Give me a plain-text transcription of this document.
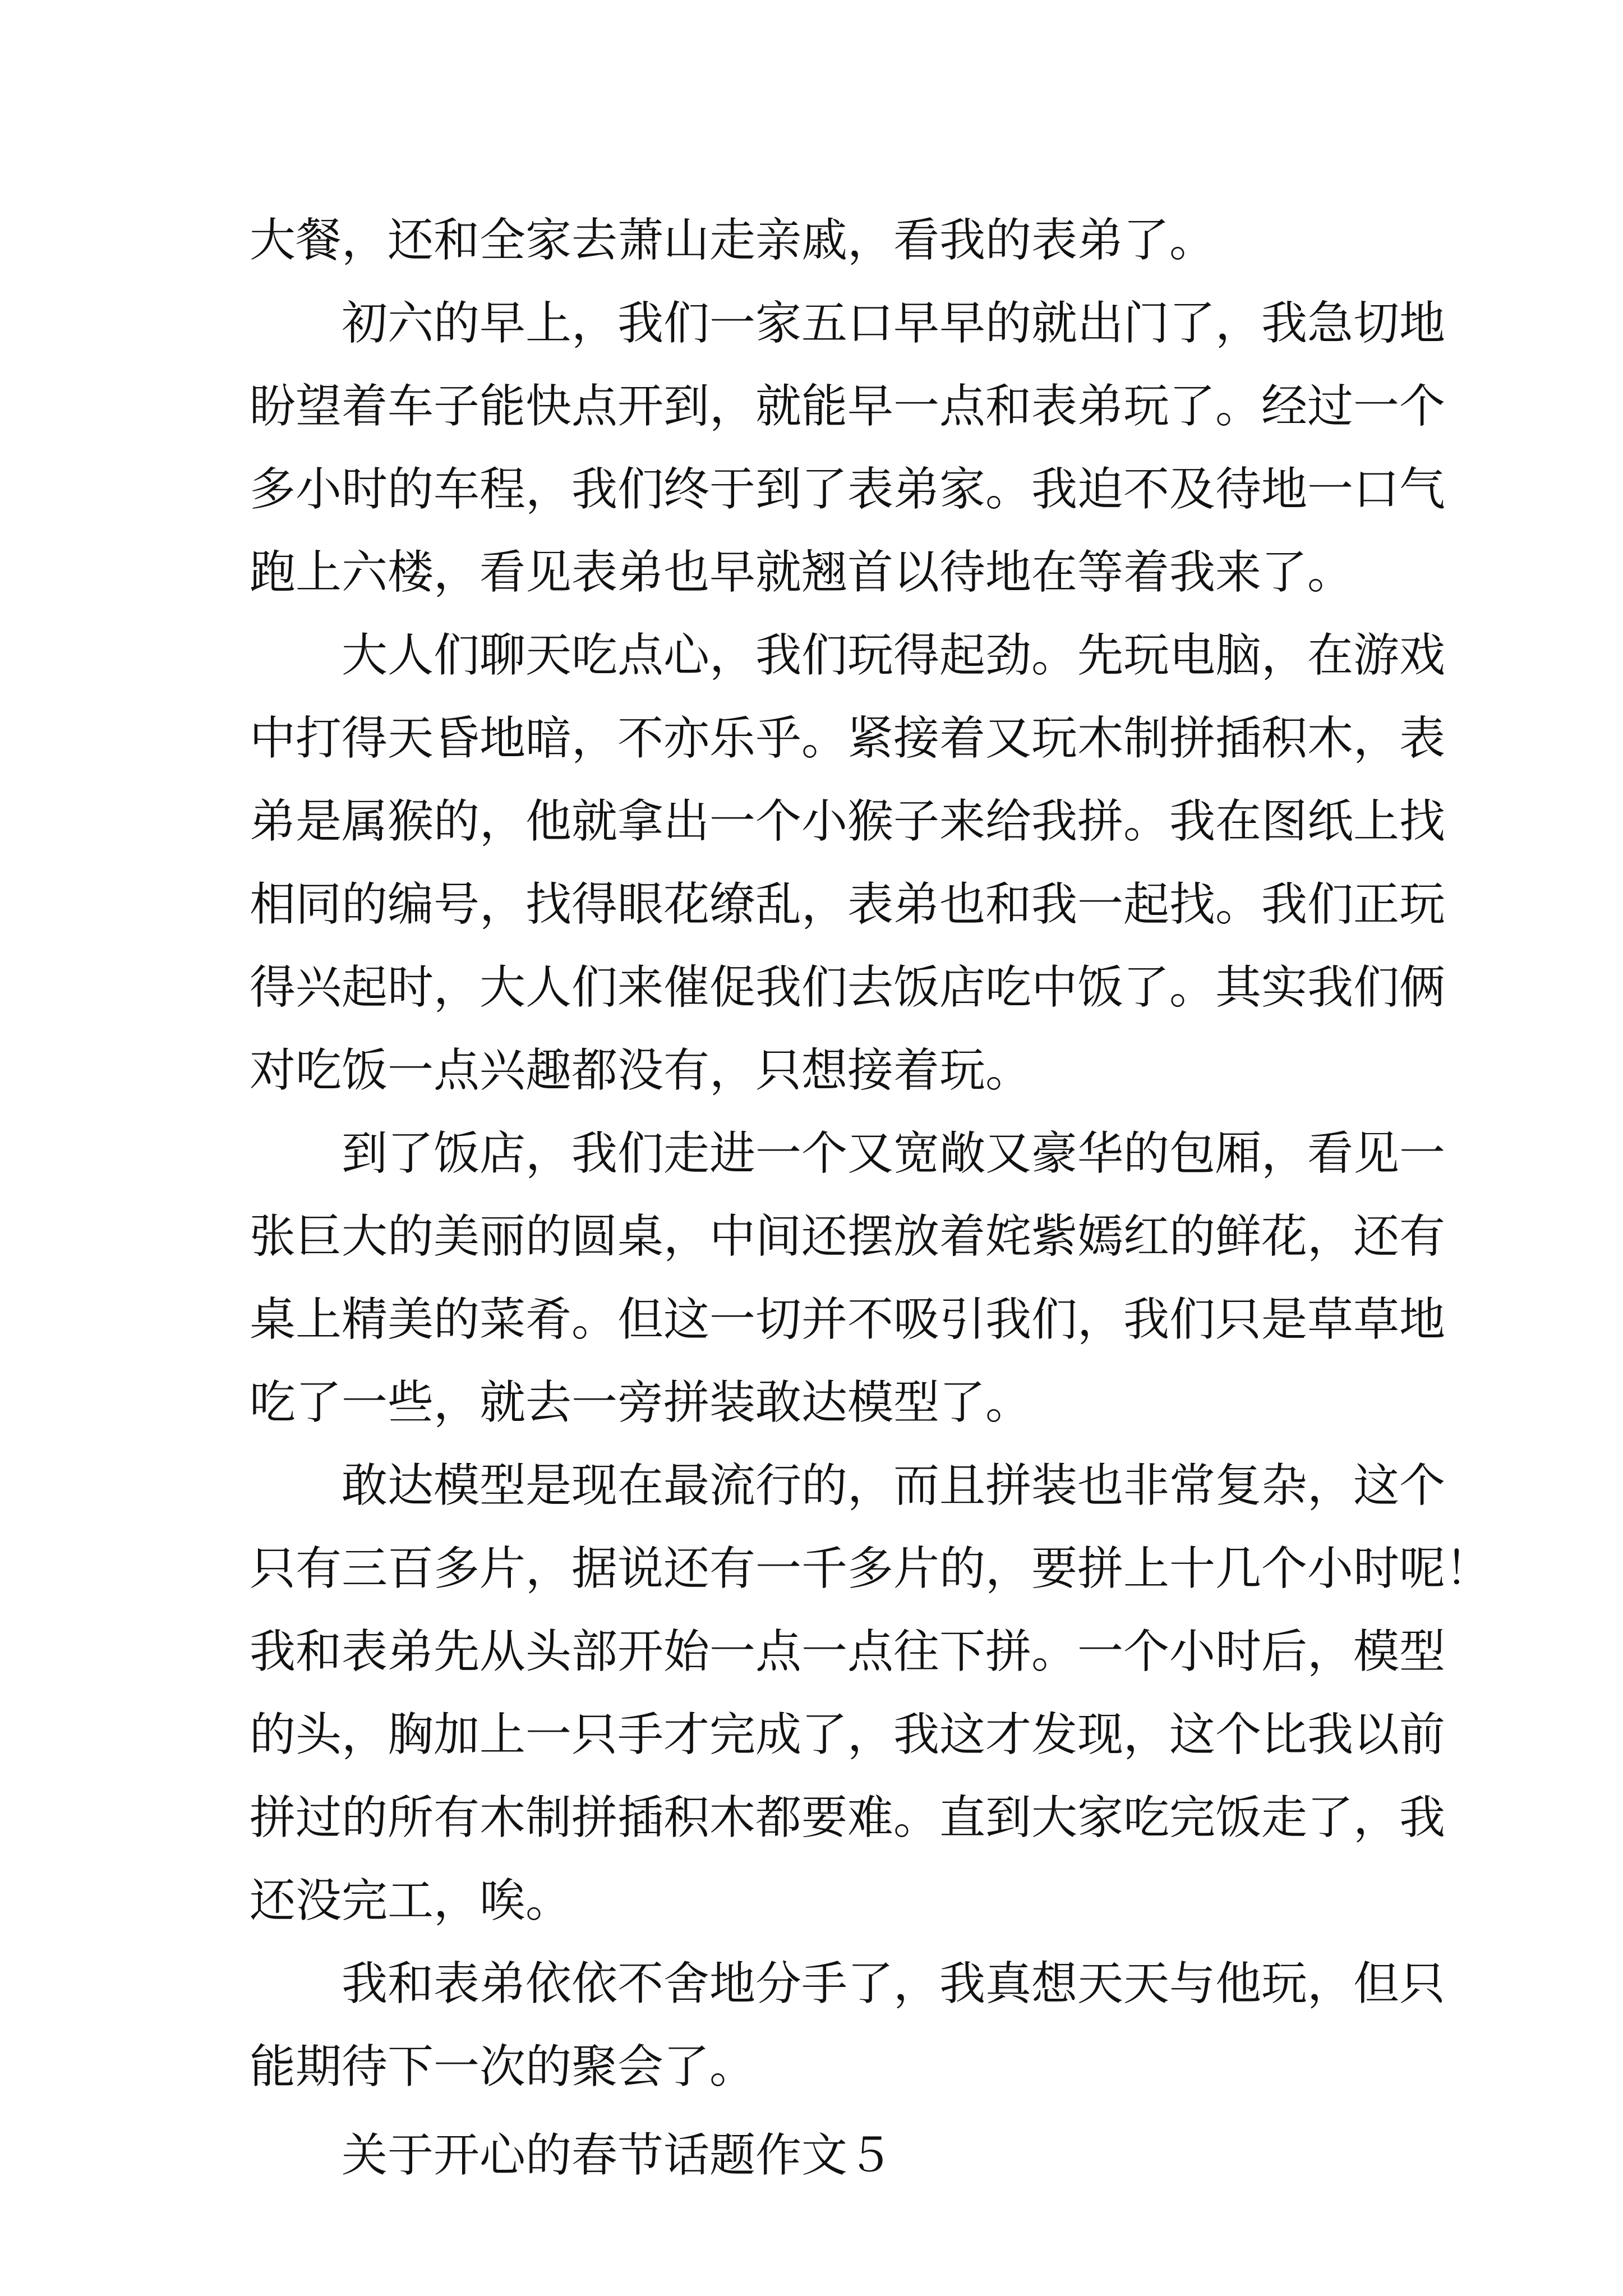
大餐，还和全家去萧山走亲戚，看我的表弟了。
初六的早上，我们一家五口早早的就出门了，我急切地
盼望着车子能快点开到，就能早一点和表弟玩了。经过一个
多小时的车程，我们终于到了表弟家。我迫不及待地一口气
跑上六楼，看见表弟也早就翘首以待地在等着我来了。
大人们聊天吃点心，我们玩得起劲。先玩电脑，在游戏
中打得天昏地暗，不亦乐乎。紧接着又玩木制拼插积木，表
弟是属猴的，他就拿出一个小猴子来给我拼。我在图纸上找
相同的编号，找得眼花缭乱，表弟也和我一起找。我们正玩
得兴起时，大人们来催促我们去饭店吃中饭了。其实我们俩
对吃饭一点兴趣都没有，只想接着玩。
到了饭店，我们走进一个又宽敞又豪华的包厢，看见一
张巨大的美丽的圆桌，中间还摆放着姹紫嫣红的鲜花，还有
桌上精美的菜肴。但这一切并不吸引我们，我们只是草草地
吃了一些，就去一旁拼装敢达模型了。
敢达模型是现在最流行的，而且拼装也非常复杂，这个
只有三百多片，据说还有一千多片的，要拼上十几个小时呢！
我和表弟先从头部开始一点一点往下拼。一个小时后，模型
的头，胸加上一只手才完成了，我这才发现，这个比我以前
拼过的所有木制拼插积木都要难。直到大家吃完饭走了，我
还没完工，唉。
我和表弟依依不舍地分手了，我真想天天与他玩，但只
能期待下一次的聚会了。
关于开心的春节话题作文５
